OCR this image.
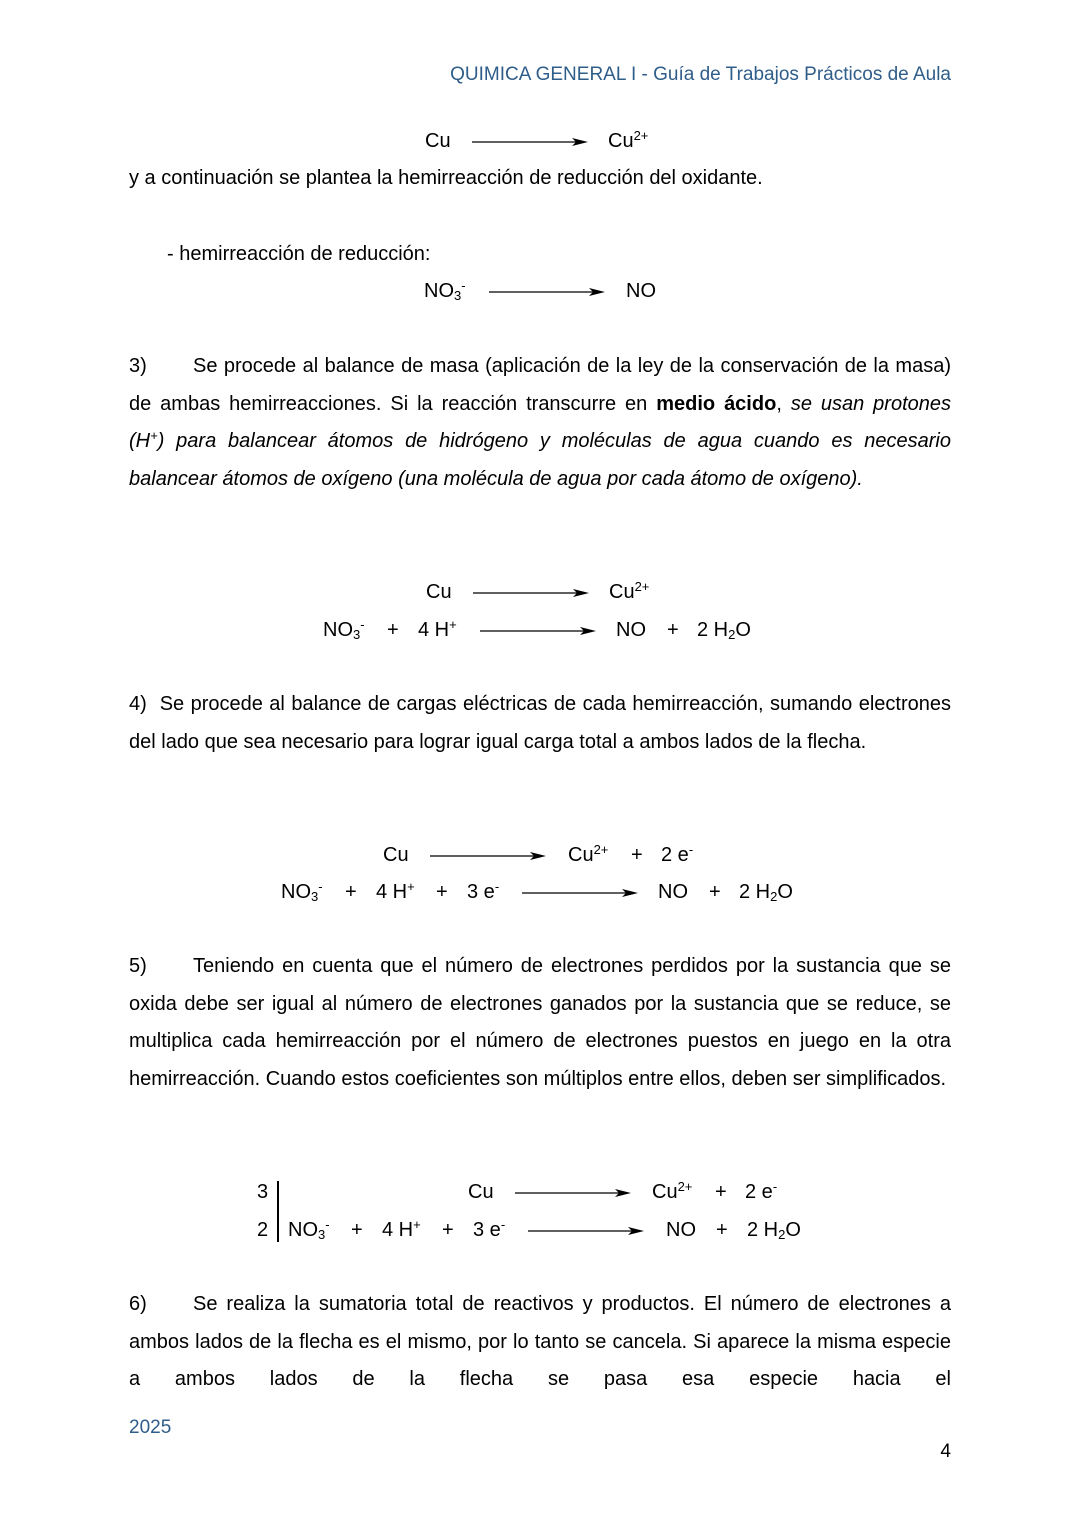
QUIMICA GENERAL I - Guía de Trabajos Prácticos de Aula
Cu	$Cu^{2+}$
y a continuación se plantea la hemirreacción de reducción del oxidante.
- hemirreacción de reducción:
$NO_3^-$	NO
3) Se procede al balance de masa (aplicación de la ley de la conservación de la masa) de ambas hemirreacciones. Si la reacción transcurre en medio ácido, se usan protones (H+) para balancear átomos de hidrógeno y moléculas de agua cuando es necesario balancear átomos de oxígeno (una molécula de agua por cada átomo de oxígeno).
Cu	$Cu^{2+}$
$NO_3^- + 4$ H+	NO + 2 $H_2O$
4) Se procede al balance de cargas eléctricas de cada hemirreacción, sumando electrones del lado que sea necesario para lograr igual carga total a ambos lados de la flecha.
Cu	$Cu^{2+} + 2$ e-
$NO_3^- + 4$ H+ + 3 e-	NO + 2 $H_2O$
5) Teniendo en cuenta que el número de electrones perdidos por la sustancia que se oxida debe ser igual al número de electrones ganados por la sustancia que se reduce, se multiplica cada hemirreacción por el número de electrones puestos en juego en la otra hemirreacción. Cuando estos coeficientes son múltiplos entre ellos, deben ser simplificados.
3
2
Cu	$Cu^{2+} + 2$ e-
$NO_3^- + 4$ H+ + 3 e-	NO + 2 $H_2O$
6) Se realiza la sumatoria total de reactivos y productos. El número de electrones a ambos lados de la flecha es el mismo, por lo tanto se cancela. Si aparece la misma especie a ambos lados de la flecha se pasa esa especie hacia el
2025
4
